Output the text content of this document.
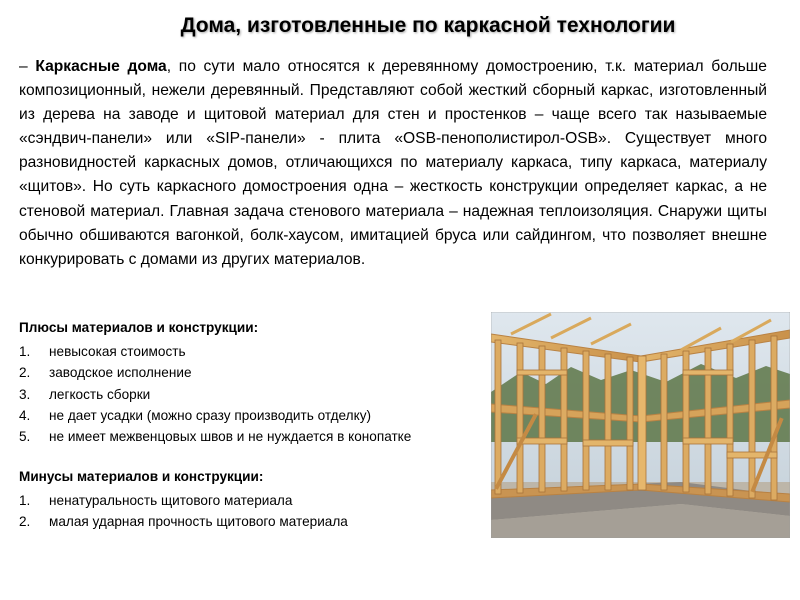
Дома, изготовленные по каркасной технологии

– Каркасные дома, по сути мало относятся к деревянному домостроению, т.к. материал больше композиционный, нежели деревянный. Представляют собой жесткий сборный каркас, изготовленный из дерева на заводе и щитовой материал для стен и простенков – чаще всего так называемые «сэндвич-панели» или «SIP-панели» - плита «OSB-пенополистирол-OSB». Существует много разновидностей каркасных домов, отличающихся по материалу каркаса, типу каркаса, материалу «щитов». Но суть каркасного домостроения одна – жесткость конструкции определяет каркас, а не стеновой материал. Главная задача стенового материала – надежная теплоизоляция. Снаружи щиты обычно обшиваются вагонкой, болк-хаусом, имитацией бруса или сайдингом, что позволяет внешне конкурировать с домами из других материалов.

Плюсы материалов и конструкции:
1. невысокая стоимость
2. заводское исполнение
3. легкость сборки
4. не дает усадки (можно сразу производить отделку)
5. не имеет межвенцовых швов и не нуждается в конопатке
Минусы материалов и конструкции:
1. ненатуральность щитового материала
2. малая ударная прочность щитового материала
